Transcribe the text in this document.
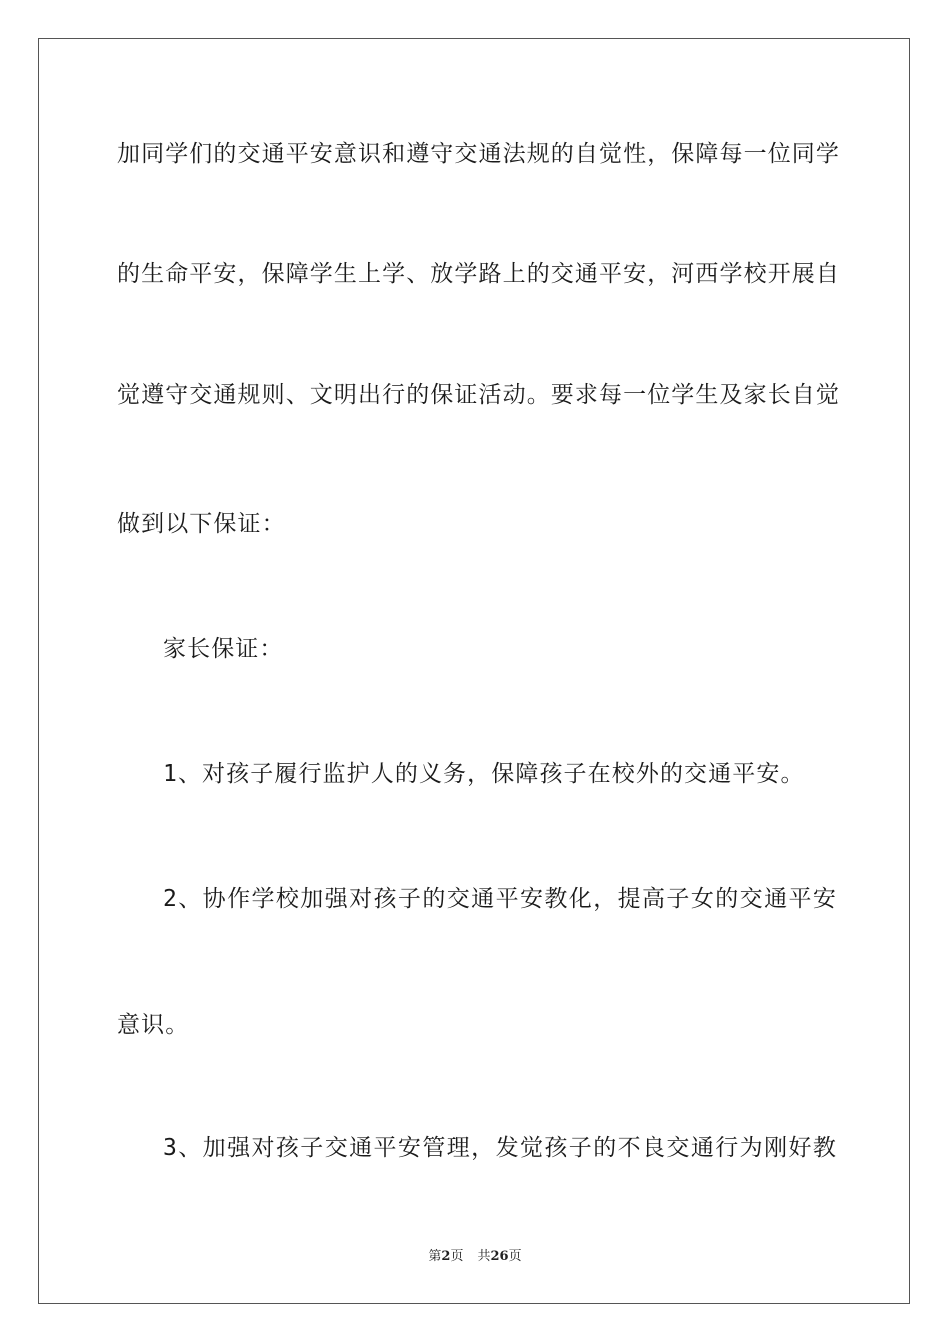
加同学们的交通平安意识和遵守交通法规的自觉性，保障每一位同学
的生命平安，保障学生上学、放学路上的交通平安，河西学校开展自
觉遵守交通规则、文明出行的保证活动。要求每一位学生及家长自觉
做到以下保证：
家长保证：
1、对孩子履行监护人的义务，保障孩子在校外的交通平安。
2、协作学校加强对孩子的交通平安教化，提高子女的交通平安
意识。
3、加强对孩子交通平安管理，发觉孩子的不良交通行为刚好教
第2页 共26页
